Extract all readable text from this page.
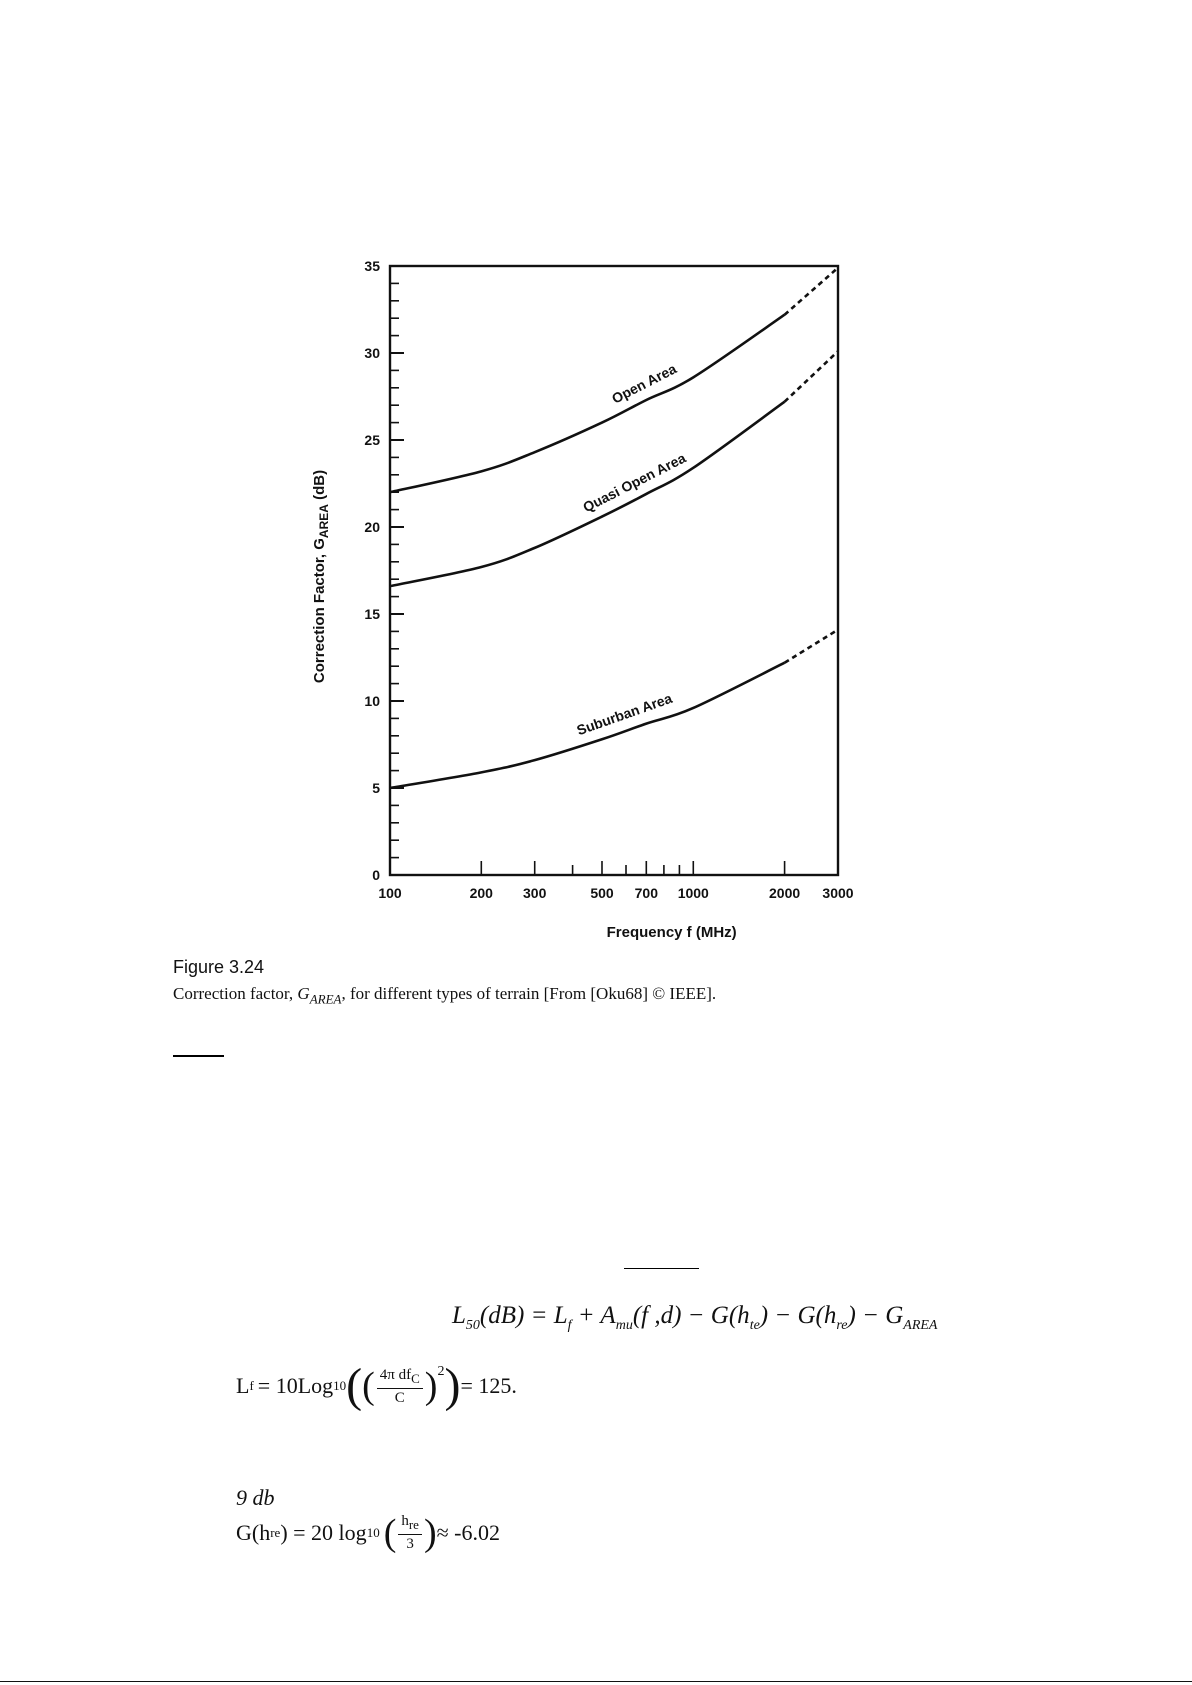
0
5
10
15
20
25
30
35
100	200 300	500 700 1000	2000 3000
Frequency f (MHz)
Correction Factor, $G_{AREA}$ (dB)
Open Area
Quasi Open Area
Suburban Area
Figure 3.24
Correction factor, $G_{AREA}$, for different types of terrain [From [Oku68] © IEEE].
$L_{50}(dB) = L_f + A_{mu}(f$ $,d) - G(h_{te}) - G(h_{re}) - G_{AREA}$
L f = 10Log 10 ( ( $\frac{4\pi df_C}{C} )^2$ ) = 125.
9 db
G(h re ) = 20 log 10 ( $\frac{h_{re}}{3}$ ) ≈ -6.02
